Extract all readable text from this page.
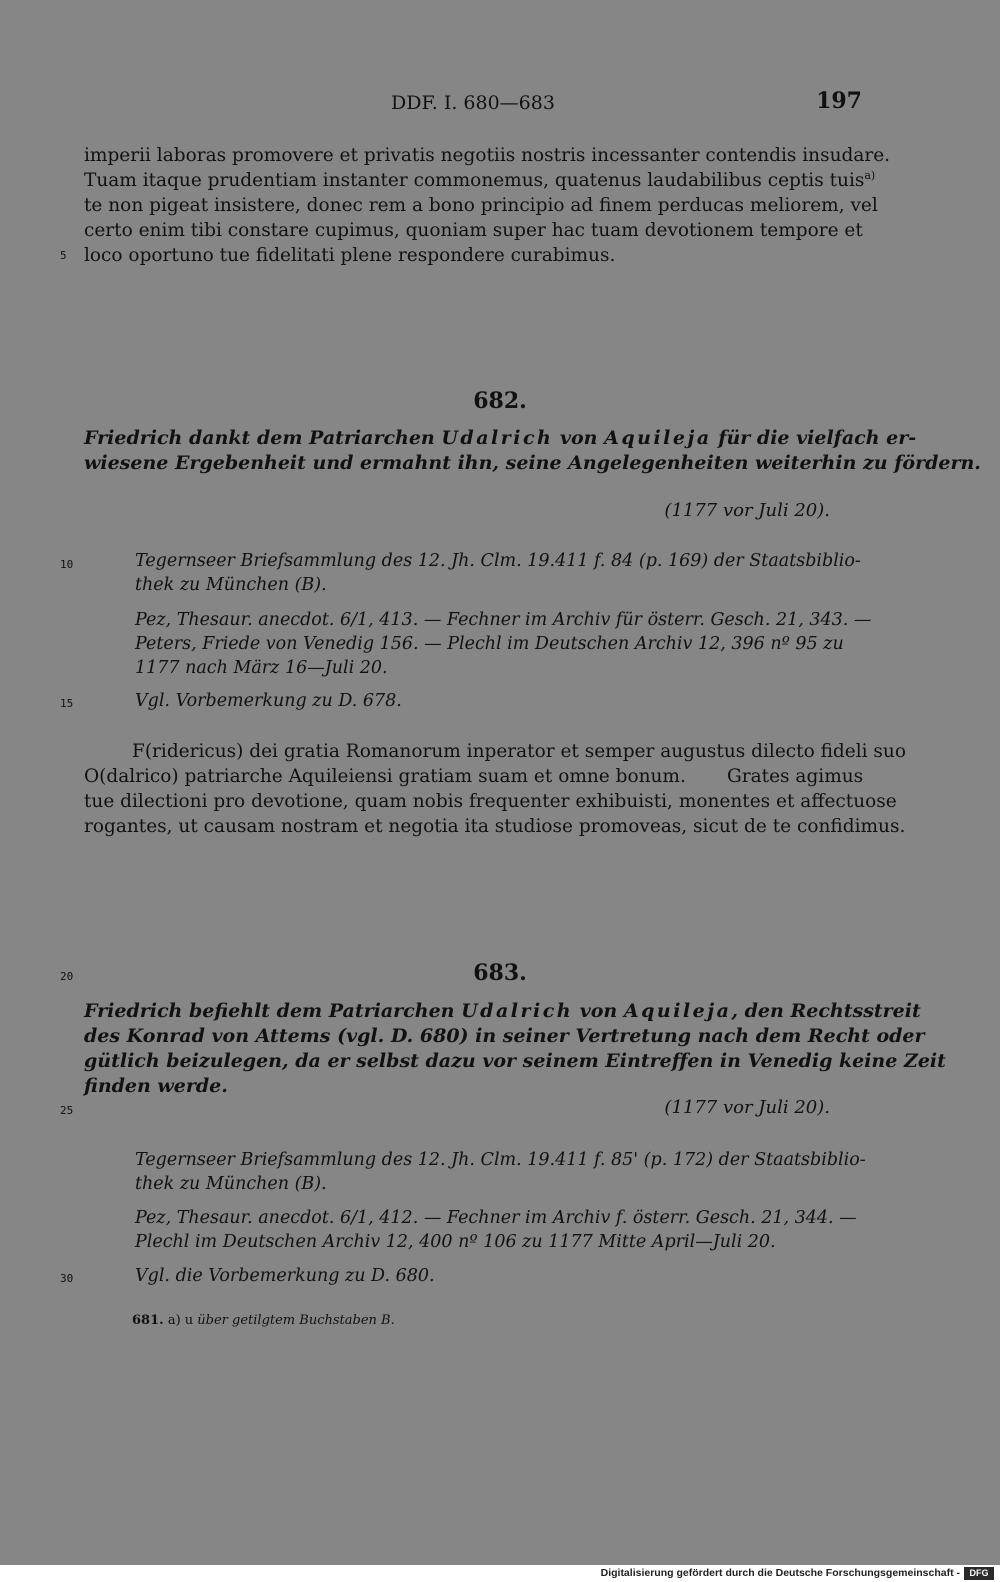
DDF. I. 680—683	197
imperii laboras promovere et privatis negotiis nostris incessanter contendis insudare.
Tuam itaque prudentiam instanter commonemus, quatenus laudabilibus ceptis tuis$^{a)}$
te non pigeat insistere, donec rem a bono principio ad finem perducas meliorem, vel
certo enim tibi constare cupimus, quoniam super hac tuam devotionem tempore et
loco oportuno tue fidelitati plene respondere curabimus.
5
682.
Friedrich dankt dem Patriarchen Udalrich von Aquileja für die vielfach er-
wiesene Ergebenheit und ermahnt ihn, seine Angelegenheiten weiterhin zu fördern.
(1177 vor Juli 20).
10	Tegernseer Briefsammlung des 12. Jh. Clm. 19.411 f. 84 (p. 169) der Staatsbiblio-
thek zu München (B).
Pez, Thesaur. anecdot. 6/1, 413. — Fechner im Archiv für österr. Gesch. 21, 343. —
Peters, Friede von Venedig 156. — Plechl im Deutschen Archiv 12, 396 nº 95 zu
1177 nach März 16—Juli 20.
15	Vgl. Vorbemerkung zu D. 678.
F(ridericus) dei gratia Romanorum inperator et semper augustus dilecto fideli suo
O(dalrico) patriarche Aquileiensi gratiam suam et omne bonum.       Grates agimus
tue dilectioni pro devotione, quam nobis frequenter exhibuisti, monentes et affectuose
rogantes, ut causam nostram et negotia ita studiose promoveas, sicut de te confidimus.
20	683.
Friedrich befiehlt dem Patriarchen Udalrich von Aquileja, den Rechtsstreit
des Konrad von Attems (vgl. D. 680) in seiner Vertretung nach dem Recht oder
gütlich beizulegen, da er selbst dazu vor seinem Eintreffen in Venedig keine Zeit
finden werde.
25	(1177 vor Juli 20).
Tegernseer Briefsammlung des 12. Jh. Clm. 19.411 f. 85' (p. 172) der Staatsbiblio-
thek zu München (B).
Pez, Thesaur. anecdot. 6/1, 412. — Fechner im Archiv f. österr. Gesch. 21, 344. —
Plechl im Deutschen Archiv 12, 400 nº 106 zu 1177 Mitte April—Juli 20.
30	Vgl. die Vorbemerkung zu D. 680.
681. a) u über getilgtem Buchstaben B.
Digitalisierung gefördert durch die Deutsche Forschungsgemeinschaft -	DFG
